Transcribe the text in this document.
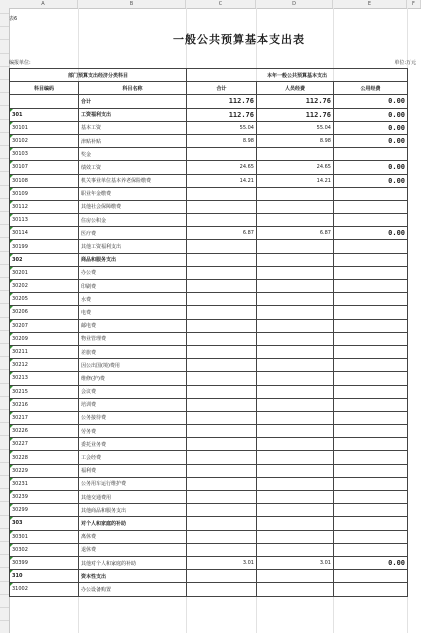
A	B	C	D	E	F
表6
一般公共预算基本支出表
编报单位:	单位:万元
部门预算支出经济分类科目		本年一般公共预算基本支出		
科目编码	科目名称	合计	人员经费	公用经费
	合计	112.76	112.76	0.00
301	工资福利支出	112.76	112.76	0.00
30101	基本工资	55.04	55.04	0.00
30102	津贴补贴	8.98	8.98	0.00
30103	奖金			
30107	绩效工资	24.65	24.65	0.00
30108	机关事业单位基本养老保险缴费	14.21	14.21	0.00
30109	职业年金缴费			
30112	其他社会保障缴费			
30113	住房公积金			
30114	医疗费	6.87	6.87	0.00
30199	其他工资福利支出			
302	商品和服务支出			
30201	办公费			
30202	印刷费			
30205	水费			
30206	电费			
30207	邮电费			
30209	物业管理费			
30211	差旅费			
30212	因公出国(境)费用			
30213	维修(护)费			
30215	会议费			
30216	培训费			
30217	公务接待费			
30226	劳务费			
30227	委托业务费			
30228	工会经费			
30229	福利费			
30231	公务用车运行维护费			
30239	其他交通费用			
30299	其他商品和服务支出			
303	对个人和家庭的补助			
30301	离休费			
30302	退休费			
30399	其他对个人和家庭的补助	3.01	3.01	0.00
310	资本性支出			
31002	办公设备购置			
